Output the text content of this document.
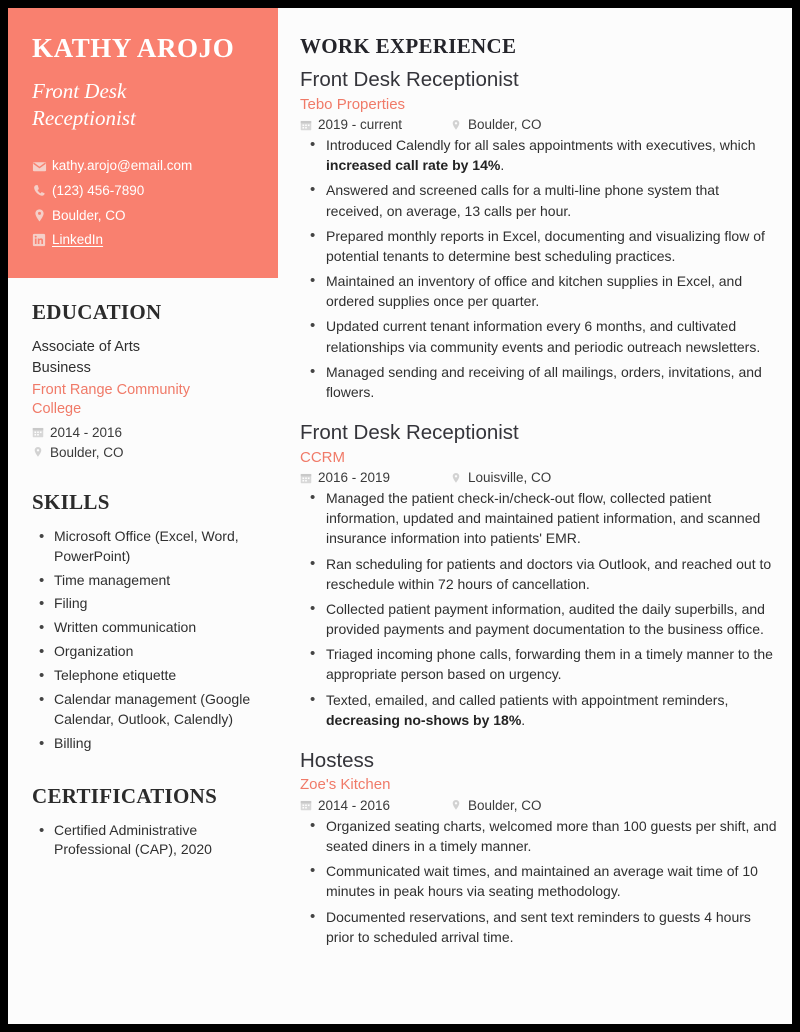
KATHY AROJO
Front Desk Receptionist
kathy.arojo@email.com
(123) 456-7890
Boulder, CO
LinkedIn
EDUCATION
Associate of Arts
Business
Front Range Community College
2014 - 2016
Boulder, CO
SKILLS
• Microsoft Office (Excel, Word, PowerPoint)
• Time management
• Filing
• Written communication
• Organization
• Telephone etiquette
• Calendar management (Google Calendar, Outlook, Calendly)
• Billing
CERTIFICATIONS
• Certified Administrative Professional (CAP), 2020
WORK EXPERIENCE
Front Desk Receptionist
Tebo Properties
2019 - current	Boulder, CO
• Introduced Calendly for all sales appointments with executives, which increased call rate by 14%.
• Answered and screened calls for a multi-line phone system that received, on average, 13 calls per hour.
• Prepared monthly reports in Excel, documenting and visualizing flow of potential tenants to determine best scheduling practices.
• Maintained an inventory of office and kitchen supplies in Excel, and ordered supplies once per quarter.
• Updated current tenant information every 6 months, and cultivated relationships via community events and periodic outreach newsletters.
• Managed sending and receiving of all mailings, orders, invitations, and flowers.
Front Desk Receptionist
CCRM
2016 - 2019	Louisville, CO
• Managed the patient check-in/check-out flow, collected patient information, updated and maintained patient information, and scanned insurance information into patients' EMR.
• Ran scheduling for patients and doctors via Outlook, and reached out to reschedule within 72 hours of cancellation.
• Collected patient payment information, audited the daily superbills, and provided payments and payment documentation to the business office.
• Triaged incoming phone calls, forwarding them in a timely manner to the appropriate person based on urgency.
• Texted, emailed, and called patients with appointment reminders, decreasing no-shows by 18%.
Hostess
Zoe's Kitchen
2014 - 2016	Boulder, CO
• Organized seating charts, welcomed more than 100 guests per shift, and seated diners in a timely manner.
• Communicated wait times, and maintained an average wait time of 10 minutes in peak hours via seating methodology.
• Documented reservations, and sent text reminders to guests 4 hours prior to scheduled arrival time.
